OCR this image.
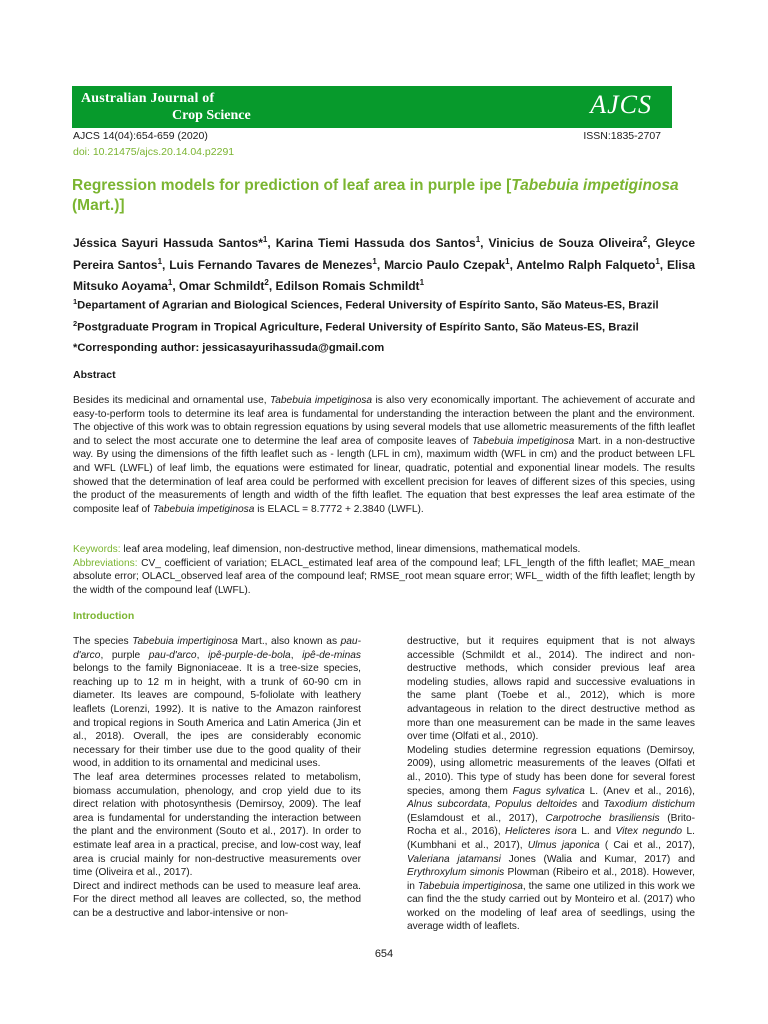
Australian Journal of
Crop Science	AJCS
AJCS 14(04):654-659 (2020)	ISSN:1835-2707
doi: 10.21475/ajcs.20.14.04.p2291
Regression models for prediction of leaf area in purple ipe [Tabebuia impetiginosa (Mart.)]
Jéssica Sayuri Hassuda Santos*$^1$, Karina Tiemi Hassuda dos Santos$^1$, Vinicius de Souza Oliveira$^2$, Gleyce Pereira Santos$^1$, Luis Fernando Tavares de Menezes$^1$, Marcio Paulo Czepak$^1$, Antelmo Ralph Falqueto$^1$, Elisa Mitsuko Aoyama$^1$, Omar Schmildt$^2$, Edilson Romais Schmildt$^1$
$^1$Departament of Agrarian and Biological Sciences, Federal University of Espírito Santo, São Mateus-ES, Brazil
$^2$Postgraduate Program in Tropical Agriculture, Federal University of Espírito Santo, São Mateus-ES, Brazil
*Corresponding author: jessicasayurihassuda@gmail.com
Abstract
Besides its medicinal and ornamental use, Tabebuia impetiginosa is also very economically important. The achievement of accurate and easy-to-perform tools to determine its leaf area is fundamental for understanding the interaction between the plant and the environment. The objective of this work was to obtain regression equations by using several models that use allometric measurements of the fifth leaflet and to select the most accurate one to determine the leaf area of composite leaves of Tabebuia impetiginosa Mart. in a non-destructive way. By using the dimensions of the fifth leaflet such as - length (LFL in cm), maximum width (WFL in cm) and the product between LFL and WFL (LWFL) of leaf limb, the equations were estimated for linear, quadratic, potential and exponential linear models. The results showed that the determination of leaf area could be performed with excellent precision for leaves of different sizes of this species, using the product of the measurements of length and width of the fifth leaflet. The equation that best expresses the leaf area estimate of the composite leaf of Tabebuia impetiginosa is ELACL = 8.7772 + 2.3840 (LWFL).
Keywords: leaf area modeling, leaf dimension, non-destructive method, linear dimensions, mathematical models.
Abbreviations: CV_ coefficient of variation; ELACL_estimated leaf area of the compound leaf; LFL_length of the fifth leaflet; MAE_mean absolute error; OLACL_observed leaf area of the compound leaf; RMSE_root mean square error; WFL_ width of the fifth leaflet; length by the width of the compound leaf (LWFL).
Introduction

The species Tabebuia impertiginosa Mart., also known as pau-d'arco, purple pau-d'arco, ipê-purple-de-bola, ipê-de-minas belongs to the family Bignoniaceae. It is a tree-size species, reaching up to 12 m in height, with a trunk of 60-90 cm in diameter. Its leaves are compound, 5-foliolate with leathery leaflets (Lorenzi, 1992). It is native to the Amazon rainforest and tropical regions in South America and Latin America (Jin et al., 2018). Overall, the ipes are considerably economic necessary for their timber use due to the good quality of their wood, in addition to its ornamental and medicinal uses.

The leaf area determines processes related to metabolism, biomass accumulation, phenology, and crop yield due to its direct relation with photosynthesis (Demirsoy, 2009). The leaf area is fundamental for understanding the interaction between the plant and the environment (Souto et al., 2017). In order to estimate leaf area in a practical, precise, and low-cost way, leaf area is crucial mainly for non-destructive measurements over time (Oliveira et al., 2017).

Direct and indirect methods can be used to measure leaf area. For the direct method all leaves are collected, so, the method can be a destructive and labor-intensive or non-

destructive, but it requires equipment that is not always accessible (Schmildt et al., 2014). The indirect and non-destructive methods, which consider previous leaf area modeling studies, allows rapid and successive evaluations in the same plant (Toebe et al., 2012), which is more advantageous in relation to the direct destructive method as more than one measurement can be made in the same leaves over time (Olfati et al., 2010).

Modeling studies determine regression equations (Demirsoy, 2009), using allometric measurements of the leaves (Olfati et al., 2010). This type of study has been done for several forest species, among them Fagus sylvatica L. (Anev et al., 2016), Alnus subcordata, Populus deltoides and Taxodium distichum (Eslamdoust et al., 2017), Carpotroche brasiliensis (Brito- Rocha et al., 2016), Helicteres isora L. and Vitex negundo L.(Kumbhani et al., 2017), Ulmus japonica ( Cai et al., 2017), Valeriana jatamansi Jones (Walia and Kumar, 2017) and Erythroxylum simonis Plowman (Ribeiro et al., 2018). However, in Tabebuia impertiginosa, the same one utilized in this work we can find the the study carried out by Monteiro et al. (2017) who worked on the modeling of leaf area of seedlings, using the average width of leaflets.

654
